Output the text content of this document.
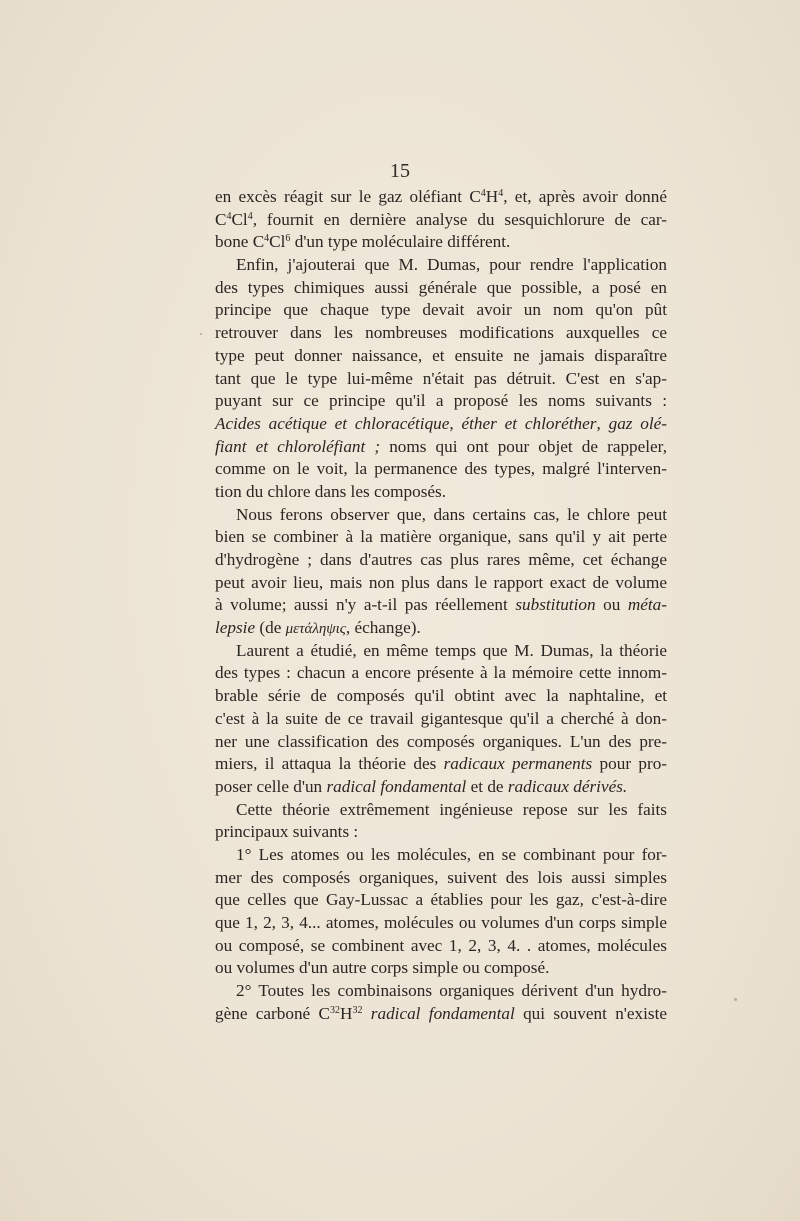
15
en excès réagit sur le gaz oléfiant $C^4H^4$, et, après avoir donné
$C^4Cl^4$, fournit en dernière analyse du sesquichlorure de car-
bone $C^4Cl^6$ d'un type moléculaire différent.
Enfin, j'ajouterai que M. Dumas, pour rendre l'application
des types chimiques aussi générale que possible, a posé en
principe que chaque type devait avoir un nom qu'on pût
retrouver dans les nombreuses modifications auxquelles ce
type peut donner naissance, et ensuite ne jamais disparaître
tant que le type lui-même n'était pas détruit. C'est en s'ap-
puyant sur ce principe qu'il a proposé les noms suivants :
Acides acétique et chloracétique, éther et chloréther, gaz olé-
fiant et chloroléfiant ; noms qui ont pour objet de rappeler,
comme on le voit, la permanence des types, malgré l'interven-
tion du chlore dans les composés.
Nous ferons observer que, dans certains cas, le chlore peut
bien se combiner à la matière organique, sans qu'il y ait perte
d'hydrogène ; dans d'autres cas plus rares même, cet échange
peut avoir lieu, mais non plus dans le rapport exact de volume
à volume; aussi n'y a-t-il pas réellement substitution ou méta-
lepsie (de μετάληψις, échange).
Laurent a étudié, en même temps que M. Dumas, la théorie
des types : chacun a encore présente à la mémoire cette innom-
brable série de composés qu'il obtint avec la naphtaline, et
c'est à la suite de ce travail gigantesque qu'il a cherché à don-
ner une classification des composés organiques. L'un des pre-
miers, il attaqua la théorie des radicaux permanents pour pro-
poser celle d'un radical fondamental et de radicaux dérivés.
Cette théorie extrêmement ingénieuse repose sur les faits
principaux suivants :
1° Les atomes ou les molécules, en se combinant pour for-
mer des composés organiques, suivent des lois aussi simples
que celles que Gay-Lussac a établies pour les gaz, c'est-à-dire
que 1, 2, 3, 4... atomes, molécules ou volumes d'un corps simple
ou composé, se combinent avec 1, 2, 3, 4. . atomes, molécules
ou volumes d'un autre corps simple ou composé.
2° Toutes les combinaisons organiques dérivent d'un hydro-
gène carboné $C^{32}H^{32}$ radical fondamental qui souvent n'existe
